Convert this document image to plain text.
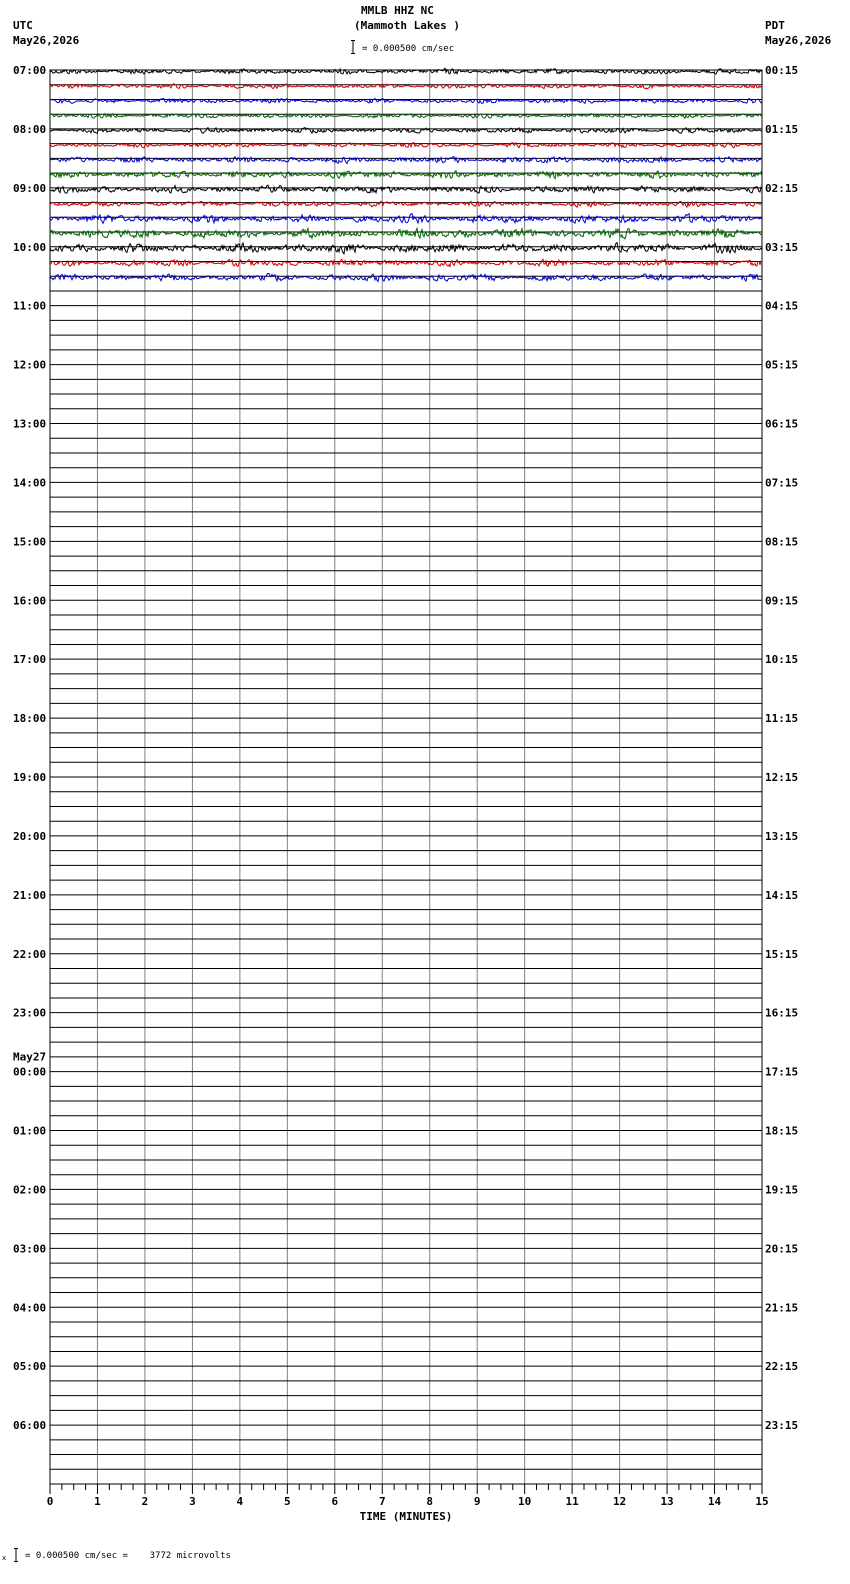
MMLB HHZ NC
(Mammoth Lakes )
= 0.000500 cm/sec
UTC
May26,2026
PDT
May26,2026
07:00
08:00
09:00
10:00
11:00
12:00
13:00
14:00
15:00
16:00
17:00
18:00
19:00
20:00
21:00
22:00
23:00
00:00
01:00
02:00
03:00
04:00
05:00
06:00
00:15
01:15
02:15
03:15
04:15
05:15
06:15
07:15
08:15
09:15
10:15
11:15
12:15
13:15
14:15
15:15
16:15
17:15
18:15
19:15
20:15
21:15
22:15
23:15
May27
0	1	2	3	4	5	6	7	8	9	10	11	12	13	14	15
TIME (MINUTES)
x = 0.000500 cm/sec =    3772 microvolts
